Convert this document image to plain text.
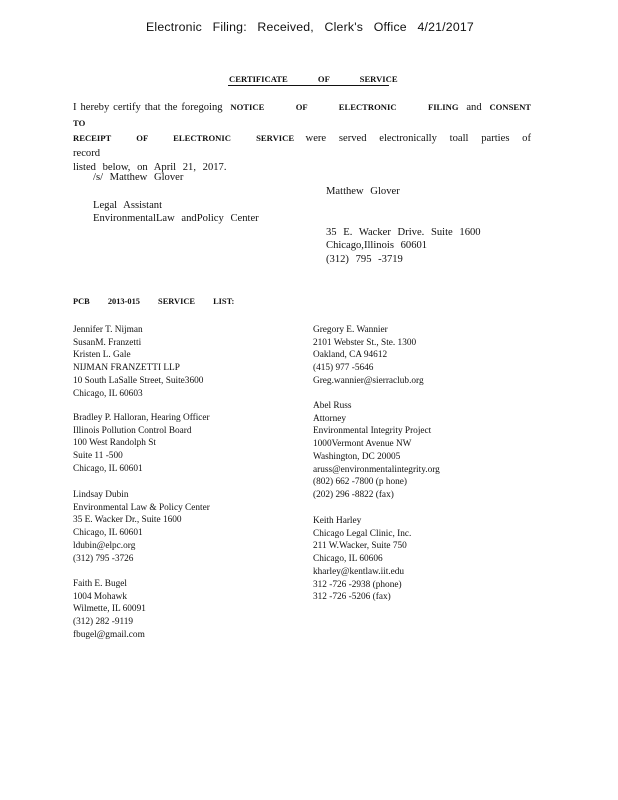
Electronic Filing: Received, Clerk's Office 4/21/2017
CERTIFICATE OF SERVICE
I hereby certify that the foregoing NOTICE OF ELECTRONIC FILING and CONSENT TO
RECEIPT OF ELECTRONIC SERVICE were served electronically toall parties of record
listed below, on April 21, 2017.
/s/ Matthew Glover
Matthew Glover
Legal Assistant
EnvironmentalLaw andPolicy Center
35 E. Wacker Drive. Suite 1600
Chicago,Illinois 60601
(312) 795 -3719
PCB 2013-015 SERVICE LIST:
Jennifer T. Nijman
SusanM. Franzetti
Kristen L. Gale
NIJMAN FRANZETTI LLP
10 South LaSalle Street, Suite3600
Chicago, IL 60603
Bradley P. Halloran, Hearing Officer
Illinois Pollution Control Board
100 West Randolph St
Suite 11 -500
Chicago, IL 60601
Lindsay Dubin
Environmental Law & Policy Center
35 E. Wacker Dr., Suite 1600
Chicago, IL 60601
ldubin@elpc.org
(312) 795 -3726
Faith E. Bugel
1004 Mohawk
Wilmette, IL 60091
(312) 282 -9119
fbugel@gmail.com
Gregory E. Wannier
2101 Webster St., Ste. 1300
Oakland, CA 94612
(415) 977 -5646
Greg.wannier@sierraclub.org
Abel Russ
Attorney
Environmental Integrity Project
1000Vermont Avenue NW
Washington, DC 20005
aruss@environmentalintegrity.org
(802) 662 -7800 (p hone)
(202) 296 -8822 (fax)
Keith Harley
Chicago Legal Clinic, Inc.
211 W.Wacker, Suite 750
Chicago, IL 60606
kharley@kentlaw.iit.edu
312 -726 -2938 (phone)
312 -726 -5206 (fax)
